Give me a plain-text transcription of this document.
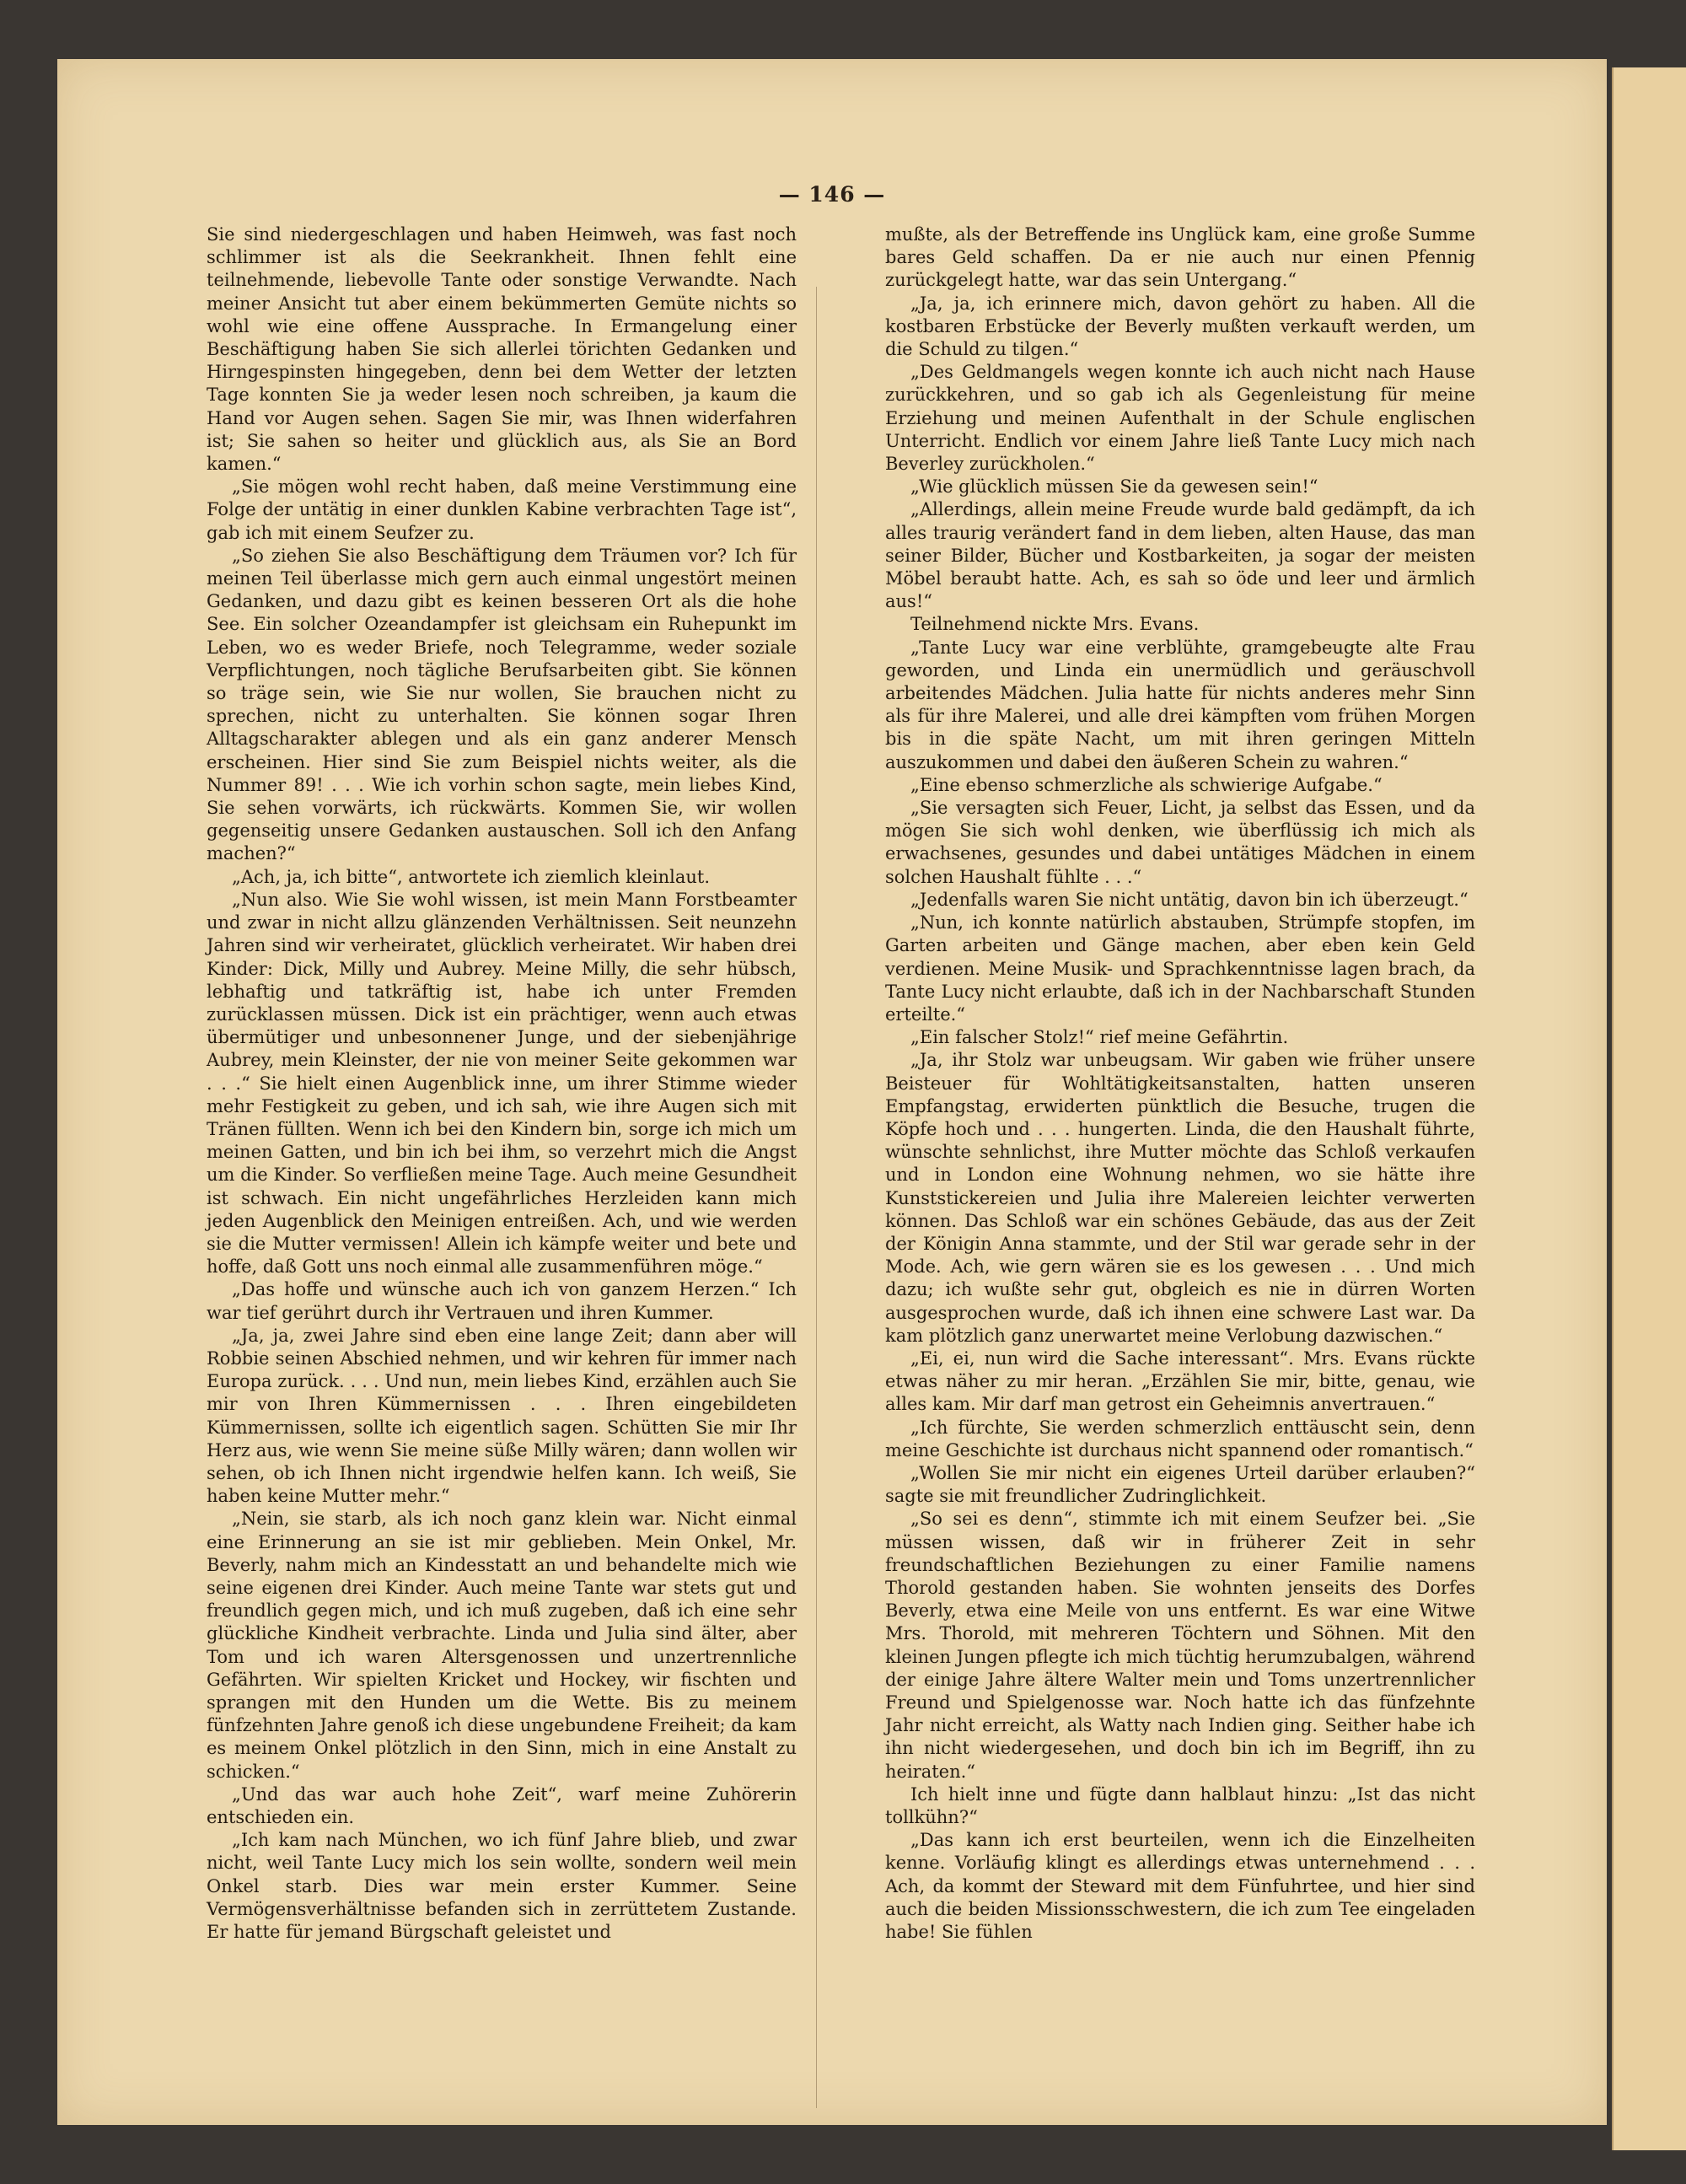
— 146 —

Sie sind niedergeschlagen und haben Heimweh, was fast noch schlimmer ist als die Seekrankheit. Ihnen fehlt eine teilnehmende, liebevolle Tante oder sonstige Verwandte. Nach meiner Ansicht tut aber einem bekümmerten Gemüte nichts so wohl wie eine offene Aussprache. In Ermangelung einer Beschäftigung haben Sie sich allerlei törichten Gedanken und Hirngespinsten hingegeben, denn bei dem Wetter der letzten Tage konnten Sie ja weder lesen noch schreiben, ja kaum die Hand vor Augen sehen. Sagen Sie mir, was Ihnen widerfahren ist; Sie sahen so heiter und glücklich aus, als Sie an Bord kamen.“

„Sie mögen wohl recht haben, daß meine Verstimmung eine Folge der untätig in einer dunklen Kabine verbrachten Tage ist“, gab ich mit einem Seufzer zu.

„So ziehen Sie also Beschäftigung dem Träumen vor? Ich für meinen Teil überlasse mich gern auch einmal ungestört meinen Gedanken, und dazu gibt es keinen besseren Ort als die hohe See. Ein solcher Ozeandampfer ist gleichsam ein Ruhepunkt im Leben, wo es weder Briefe, noch Telegramme, weder soziale Verpflichtungen, noch tägliche Berufsarbeiten gibt. Sie können so träge sein, wie Sie nur wollen, Sie brauchen nicht zu sprechen, nicht zu unterhalten. Sie können sogar Ihren Alltagscharakter ablegen und als ein ganz anderer Mensch erscheinen. Hier sind Sie zum Beispiel nichts weiter, als die Nummer 89! . . . Wie ich vorhin schon sagte, mein liebes Kind, Sie sehen vorwärts, ich rückwärts. Kommen Sie, wir wollen gegenseitig unsere Gedanken austauschen. Soll ich den Anfang machen?“

„Ach, ja, ich bitte“, antwortete ich ziemlich kleinlaut.

„Nun also. Wie Sie wohl wissen, ist mein Mann Forstbeamter und zwar in nicht allzu glänzenden Verhältnissen. Seit neunzehn Jahren sind wir verheiratet, glücklich verheiratet. Wir haben drei Kinder: Dick, Milly und Aubrey. Meine Milly, die sehr hübsch, lebhaftig und tatkräftig ist, habe ich unter Fremden zurücklassen müssen. Dick ist ein prächtiger, wenn auch etwas übermütiger und unbesonnener Junge, und der siebenjährige Aubrey, mein Kleinster, der nie von meiner Seite gekommen war . . .“ Sie hielt einen Augenblick inne, um ihrer Stimme wieder mehr Festigkeit zu geben, und ich sah, wie ihre Augen sich mit Tränen füllten. Wenn ich bei den Kindern bin, sorge ich mich um meinen Gatten, und bin ich bei ihm, so verzehrt mich die Angst um die Kinder. So verfließen meine Tage. Auch meine Gesundheit ist schwach. Ein nicht ungefährliches Herzleiden kann mich jeden Augenblick den Meinigen entreißen. Ach, und wie werden sie die Mutter vermissen! Allein ich kämpfe weiter und bete und hoffe, daß Gott uns noch einmal alle zusammenführen möge.“

„Das hoffe und wünsche auch ich von ganzem Herzen.“ Ich war tief gerührt durch ihr Vertrauen und ihren Kummer.

„Ja, ja, zwei Jahre sind eben eine lange Zeit; dann aber will Robbie seinen Abschied nehmen, und wir kehren für immer nach Europa zurück. . . . Und nun, mein liebes Kind, erzählen auch Sie mir von Ihren Kümmernissen . . . Ihren eingebildeten Kümmernissen, sollte ich eigentlich sagen. Schütten Sie mir Ihr Herz aus, wie wenn Sie meine süße Milly wären; dann wollen wir sehen, ob ich Ihnen nicht irgendwie helfen kann. Ich weiß, Sie haben keine Mutter mehr.“

„Nein, sie starb, als ich noch ganz klein war. Nicht einmal eine Erinnerung an sie ist mir geblieben. Mein Onkel, Mr. Beverly, nahm mich an Kindesstatt an und behandelte mich wie seine eigenen drei Kinder. Auch meine Tante war stets gut und freundlich gegen mich, und ich muß zugeben, daß ich eine sehr glückliche Kindheit verbrachte. Linda und Julia sind älter, aber Tom und ich waren Altersgenossen und unzertrennliche Gefährten. Wir spielten Kricket und Hockey, wir fischten und sprangen mit den Hunden um die Wette. Bis zu meinem fünfzehnten Jahre genoß ich diese ungebundene Freiheit; da kam es meinem Onkel plötzlich in den Sinn, mich in eine Anstalt zu schicken.“

„Und das war auch hohe Zeit“, warf meine Zuhörerin entschieden ein.

„Ich kam nach München, wo ich fünf Jahre blieb, und zwar nicht, weil Tante Lucy mich los sein wollte, sondern weil mein Onkel starb. Dies war mein erster Kummer. Seine Vermögensverhältnisse befanden sich in zerrüttetem Zustande. Er hatte für jemand Bürgschaft geleistet und

mußte, als der Betreffende ins Unglück kam, eine große Summe bares Geld schaffen. Da er nie auch nur einen Pfennig zurückgelegt hatte, war das sein Untergang.“

„Ja, ja, ich erinnere mich, davon gehört zu haben. All die kostbaren Erbstücke der Beverly mußten verkauft werden, um die Schuld zu tilgen.“

„Des Geldmangels wegen konnte ich auch nicht nach Hause zurückkehren, und so gab ich als Gegenleistung für meine Erziehung und meinen Aufenthalt in der Schule englischen Unterricht. Endlich vor einem Jahre ließ Tante Lucy mich nach Beverley zurückholen.“

„Wie glücklich müssen Sie da gewesen sein!“

„Allerdings, allein meine Freude wurde bald gedämpft, da ich alles traurig verändert fand in dem lieben, alten Hause, das man seiner Bilder, Bücher und Kostbarkeiten, ja sogar der meisten Möbel beraubt hatte. Ach, es sah so öde und leer und ärmlich aus!“

Teilnehmend nickte Mrs. Evans.

„Tante Lucy war eine verblühte, gramgebeugte alte Frau geworden, und Linda ein unermüdlich und geräuschvoll arbeitendes Mädchen. Julia hatte für nichts anderes mehr Sinn als für ihre Malerei, und alle drei kämpften vom frühen Morgen bis in die späte Nacht, um mit ihren geringen Mitteln auszukommen und dabei den äußeren Schein zu wahren.“

„Eine ebenso schmerzliche als schwierige Aufgabe.“

„Sie versagten sich Feuer, Licht, ja selbst das Essen, und da mögen Sie sich wohl denken, wie überflüssig ich mich als erwachsenes, gesundes und dabei untätiges Mädchen in einem solchen Haushalt fühlte . . .“

„Jedenfalls waren Sie nicht untätig, davon bin ich überzeugt.“

„Nun, ich konnte natürlich abstauben, Strümpfe stopfen, im Garten arbeiten und Gänge machen, aber eben kein Geld verdienen. Meine Musik- und Sprachkenntnisse lagen brach, da Tante Lucy nicht erlaubte, daß ich in der Nachbarschaft Stunden erteilte.“

„Ein falscher Stolz!“ rief meine Gefährtin.

„Ja, ihr Stolz war unbeugsam. Wir gaben wie früher unsere Beisteuer für Wohltätigkeitsanstalten, hatten unseren Empfangstag, erwiderten pünktlich die Besuche, trugen die Köpfe hoch und . . . hungerten. Linda, die den Haushalt führte, wünschte sehnlichst, ihre Mutter möchte das Schloß verkaufen und in London eine Wohnung nehmen, wo sie hätte ihre Kunststickereien und Julia ihre Malereien leichter verwerten können. Das Schloß war ein schönes Gebäude, das aus der Zeit der Königin Anna stammte, und der Stil war gerade sehr in der Mode. Ach, wie gern wären sie es los gewesen . . . Und mich dazu; ich wußte sehr gut, obgleich es nie in dürren Worten ausgesprochen wurde, daß ich ihnen eine schwere Last war. Da kam plötzlich ganz unerwartet meine Verlobung dazwischen.“

„Ei, ei, nun wird die Sache interessant“. Mrs. Evans rückte etwas näher zu mir heran. „Erzählen Sie mir, bitte, genau, wie alles kam. Mir darf man getrost ein Geheimnis anvertrauen.“

„Ich fürchte, Sie werden schmerzlich enttäuscht sein, denn meine Geschichte ist durchaus nicht spannend oder romantisch.“

„Wollen Sie mir nicht ein eigenes Urteil darüber erlauben?“ sagte sie mit freundlicher Zudringlichkeit.

„So sei es denn“, stimmte ich mit einem Seufzer bei. „Sie müssen wissen, daß wir in früherer Zeit in sehr freundschaftlichen Beziehungen zu einer Familie namens Thorold gestanden haben. Sie wohnten jenseits des Dorfes Beverly, etwa eine Meile von uns entfernt. Es war eine Witwe Mrs. Thorold, mit mehreren Töchtern und Söhnen. Mit den kleinen Jungen pflegte ich mich tüchtig herumzubalgen, während der einige Jahre ältere Walter mein und Toms unzertrennlicher Freund und Spielgenosse war. Noch hatte ich das fünfzehnte Jahr nicht erreicht, als Watty nach Indien ging. Seither habe ich ihn nicht wiedergesehen, und doch bin ich im Begriff, ihn zu heiraten.“

Ich hielt inne und fügte dann halblaut hinzu: „Ist das nicht tollkühn?“

„Das kann ich erst beurteilen, wenn ich die Einzelheiten kenne. Vorläufig klingt es allerdings etwas unternehmend . . . Ach, da kommt der Steward mit dem Fünfuhrtee, und hier sind auch die beiden Missionsschwestern, die ich zum Tee eingeladen habe! Sie fühlen
